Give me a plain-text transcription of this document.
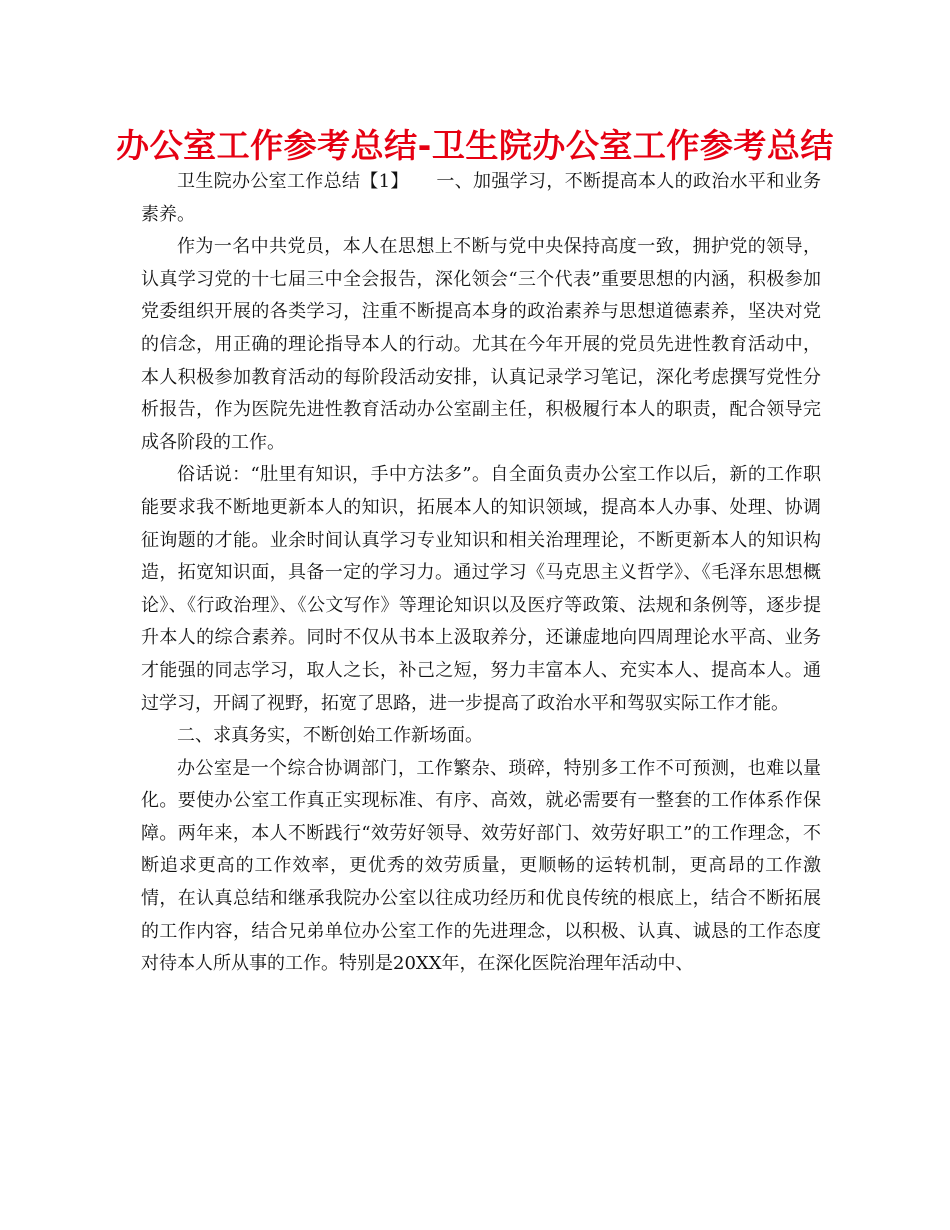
办公室工作参考总结-卫生院办公室工作参考总结

卫生院办公室工作总结【1】　　一、加强学习，不断提高本人的政治水平和业务素养。

作为一名中共党员，本人在思想上不断与党中央保持高度一致，拥护党的领导，认真学习党的十七届三中全会报告，深化领会“三个代表”重要思想的内涵，积极参加党委组织开展的各类学习，注重不断提高本身的政治素养与思想道德素养，坚决对党的信念，用正确的理论指导本人的行动。尤其在今年开展的党员先进性教育活动中，本人积极参加教育活动的每阶段活动安排，认真记录学习笔记，深化考虑撰写党性分析报告，作为医院先进性教育活动办公室副主任，积极履行本人的职责，配合领导完成各阶段的工作。

俗话说：“肚里有知识，手中方法多”。自全面负责办公室工作以后，新的工作职能要求我不断地更新本人的知识，拓展本人的知识领域，提高本人办事、处理、协调征询题的才能。业余时间认真学习专业知识和相关治理理论，不断更新本人的知识构造，拓宽知识面，具备一定的学习力。通过学习《马克思主义哲学》、《毛泽东思想概论》、《行政治理》、《公文写作》等理论知识以及医疗等政策、法规和条例等，逐步提升本人的综合素养。同时不仅从书本上汲取养分，还谦虚地向四周理论水平高、业务才能强的同志学习，取人之长，补己之短，努力丰富本人、充实本人、提高本人。通过学习，开阔了视野，拓宽了思路，进一步提高了政治水平和驾驭实际工作才能。

二、求真务实，不断创始工作新场面。

办公室是一个综合协调部门，工作繁杂、琐碎，特别多工作不可预测，也难以量化。要使办公室工作真正实现标准、有序、高效，就必需要有一整套的工作体系作保障。两年来，本人不断践行“效劳好领导、效劳好部门、效劳好职工”的工作理念，不断追求更高的工作效率，更优秀的效劳质量，更顺畅的运转机制，更高昂的工作激情，在认真总结和继承我院办公室以往成功经历和优良传统的根底上，结合不断拓展的工作内容，结合兄弟单位办公室工作的先进理念，以积极、认真、诚恳的工作态度对待本人所从事的工作。特别是20XX年，在深化医院治理年活动中、
